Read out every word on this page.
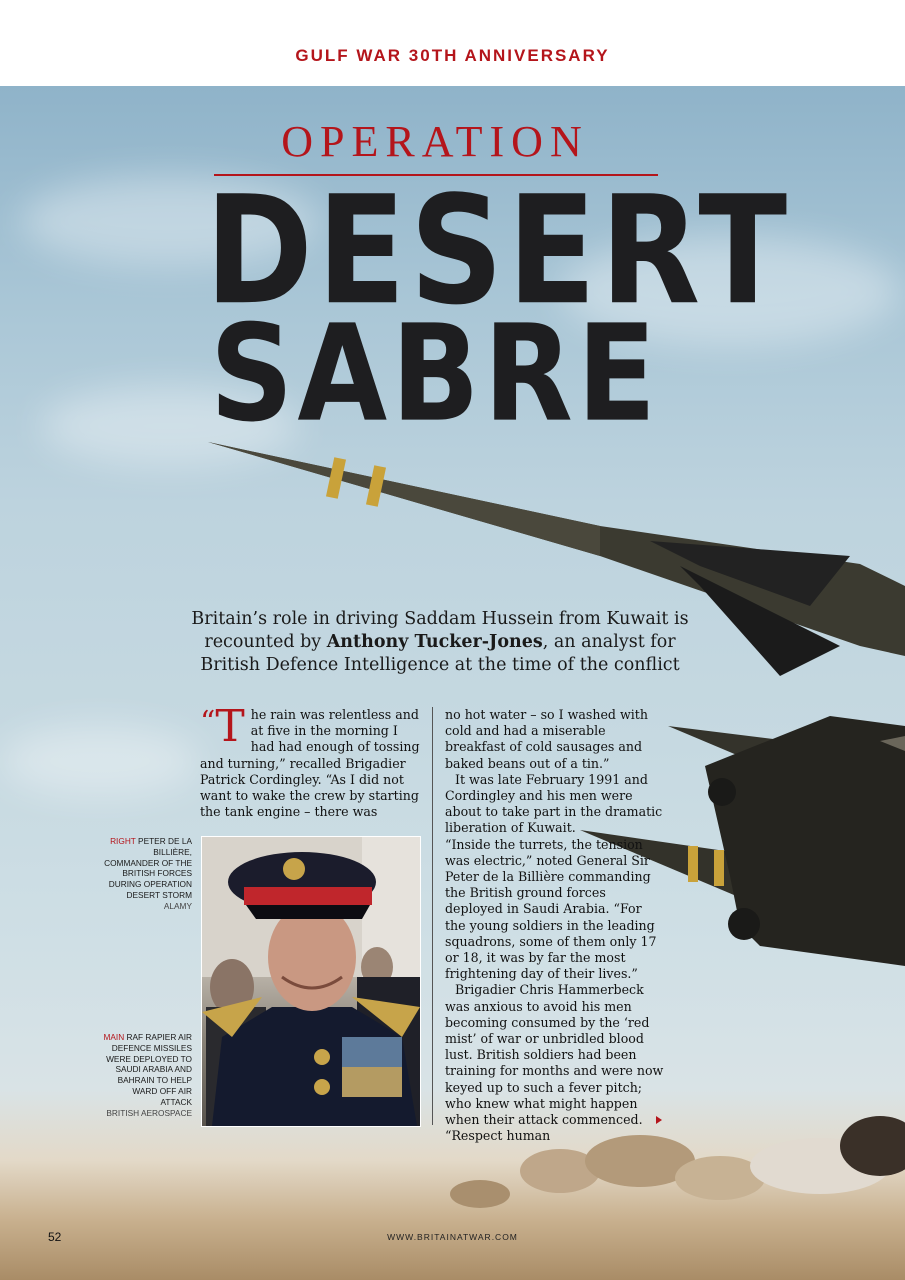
GULF WAR 30TH ANNIVERSARY
OPERATION
DESERT
SABRE
Britain’s role in driving Saddam Hussein from Kuwait is recounted by Anthony Tucker-Jones, an analyst for British Defence Intelligence at the time of the conflict

“T he rain was relentless and at five in the morning I had had enough of tossing and turning,” recalled Brigadier Patrick Cordingley. “As I did not want to wake the crew by starting the tank engine – there was

no hot water – so I washed with cold and had a miserable breakfast of cold sausages and baked beans out of a tin.”

It was late February 1991 and Cordingley and his men were about to take part in the dramatic liberation of Kuwait.

“Inside the turrets, the tension was electric,” noted General Sir Peter de la Billière commanding the British ground forces deployed in Saudi Arabia. “For the young soldiers in the leading squadrons, some of them only 17 or 18, it was by far the most frightening day of their lives.”

Brigadier Chris Hammerbeck was anxious to avoid his men becoming consumed by the ‘red mist’ of war or unbridled blood lust. British soldiers had been training for months and were now keyed up to such a fever pitch; who knew what might happen when their attack commenced. “Respect human

RIGHT PETER DE LA BILLIÈRE, COMMANDER OF THE BRITISH FORCES DURING OPERATION DESERT STORM
ALAMY
MAIN RAF RAPIER AIR DEFENCE MISSILES WERE DEPLOYED TO SAUDI ARABIA AND BAHRAIN TO HELP WARD OFF AIR ATTACK
BRITISH AEROSPACE
52	WWW.BRITAINATWAR.COM
